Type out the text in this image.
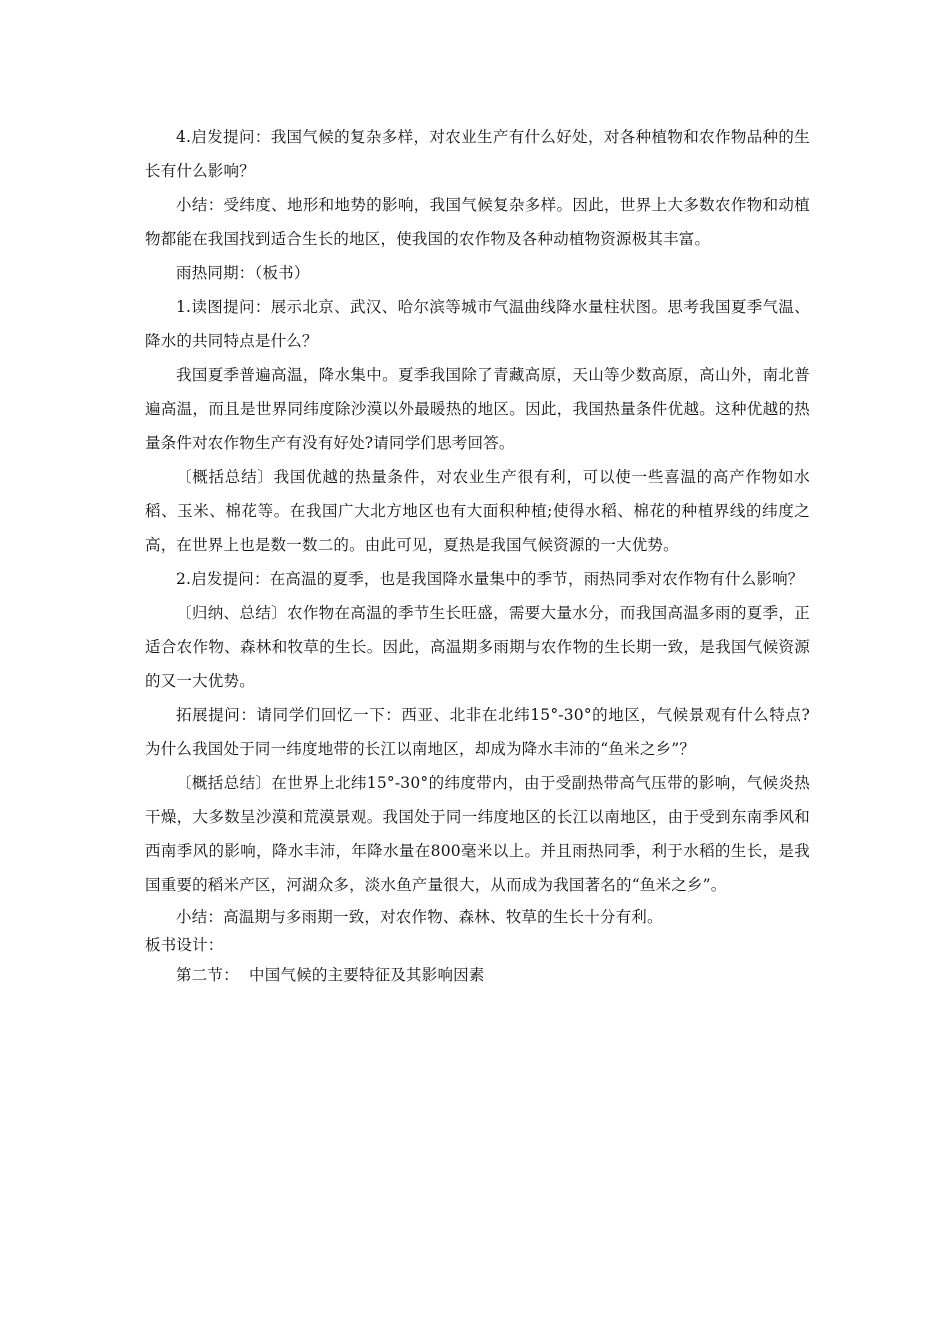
4.启发提问：我国气候的复杂多样，对农业生产有什么好处，对各种植物和农作物品种的生长有什么影响？

小结：受纬度、地形和地势的影响，我国气候复杂多样。因此，世界上大多数农作物和动植物都能在我国找到适合生长的地区，使我国的农作物及各种动植物资源极其丰富。

雨热同期：（板书）

1.读图提问：展示北京、武汉、哈尔滨等城市气温曲线降水量柱状图。思考我国夏季气温、降水的共同特点是什么？

我国夏季普遍高温，降水集中。夏季我国除了青藏高原，天山等少数高原，高山外，南北普遍高温，而且是世界同纬度除沙漠以外最暖热的地区。因此，我国热量条件优越。这种优越的热量条件对农作物生产有没有好处?请同学们思考回答。

〔概括总结〕我国优越的热量条件，对农业生产很有利，可以使一些喜温的高产作物如水稻、玉米、棉花等。在我国广大北方地区也有大面积种植;使得水稻、棉花的种植界线的纬度之高，在世界上也是数一数二的。由此可见，夏热是我国气候资源的一大优势。

2.启发提问：在高温的夏季，也是我国降水量集中的季节，雨热同季对农作物有什么影响？

〔归纳、总结〕农作物在高温的季节生长旺盛，需要大量水分，而我国高温多雨的夏季，正适合农作物、森林和牧草的生长。因此，高温期多雨期与农作物的生长期一致，是我国气候资源的又一大优势。

拓展提问：请同学们回忆一下：西亚、北非在北纬15°-30°的地区，气候景观有什么特点?为什么我国处于同一纬度地带的长江以南地区，却成为降水丰沛的“鱼米之乡”？

〔概括总结〕在世界上北纬15°-30°的纬度带内，由于受副热带高气压带的影响，气候炎热干燥，大多数呈沙漠和荒漠景观。我国处于同一纬度地区的长江以南地区，由于受到东南季风和西南季风的影响，降水丰沛，年降水量在800毫米以上。并且雨热同季，利于水稻的生长，是我国重要的稻米产区，河湖众多，淡水鱼产量很大，从而成为我国著名的“鱼米之乡”。

小结：高温期与多雨期一致，对农作物、森林、牧草的生长十分有利。

板书设计：

第二节：  中国气候的主要特征及其影响因素
